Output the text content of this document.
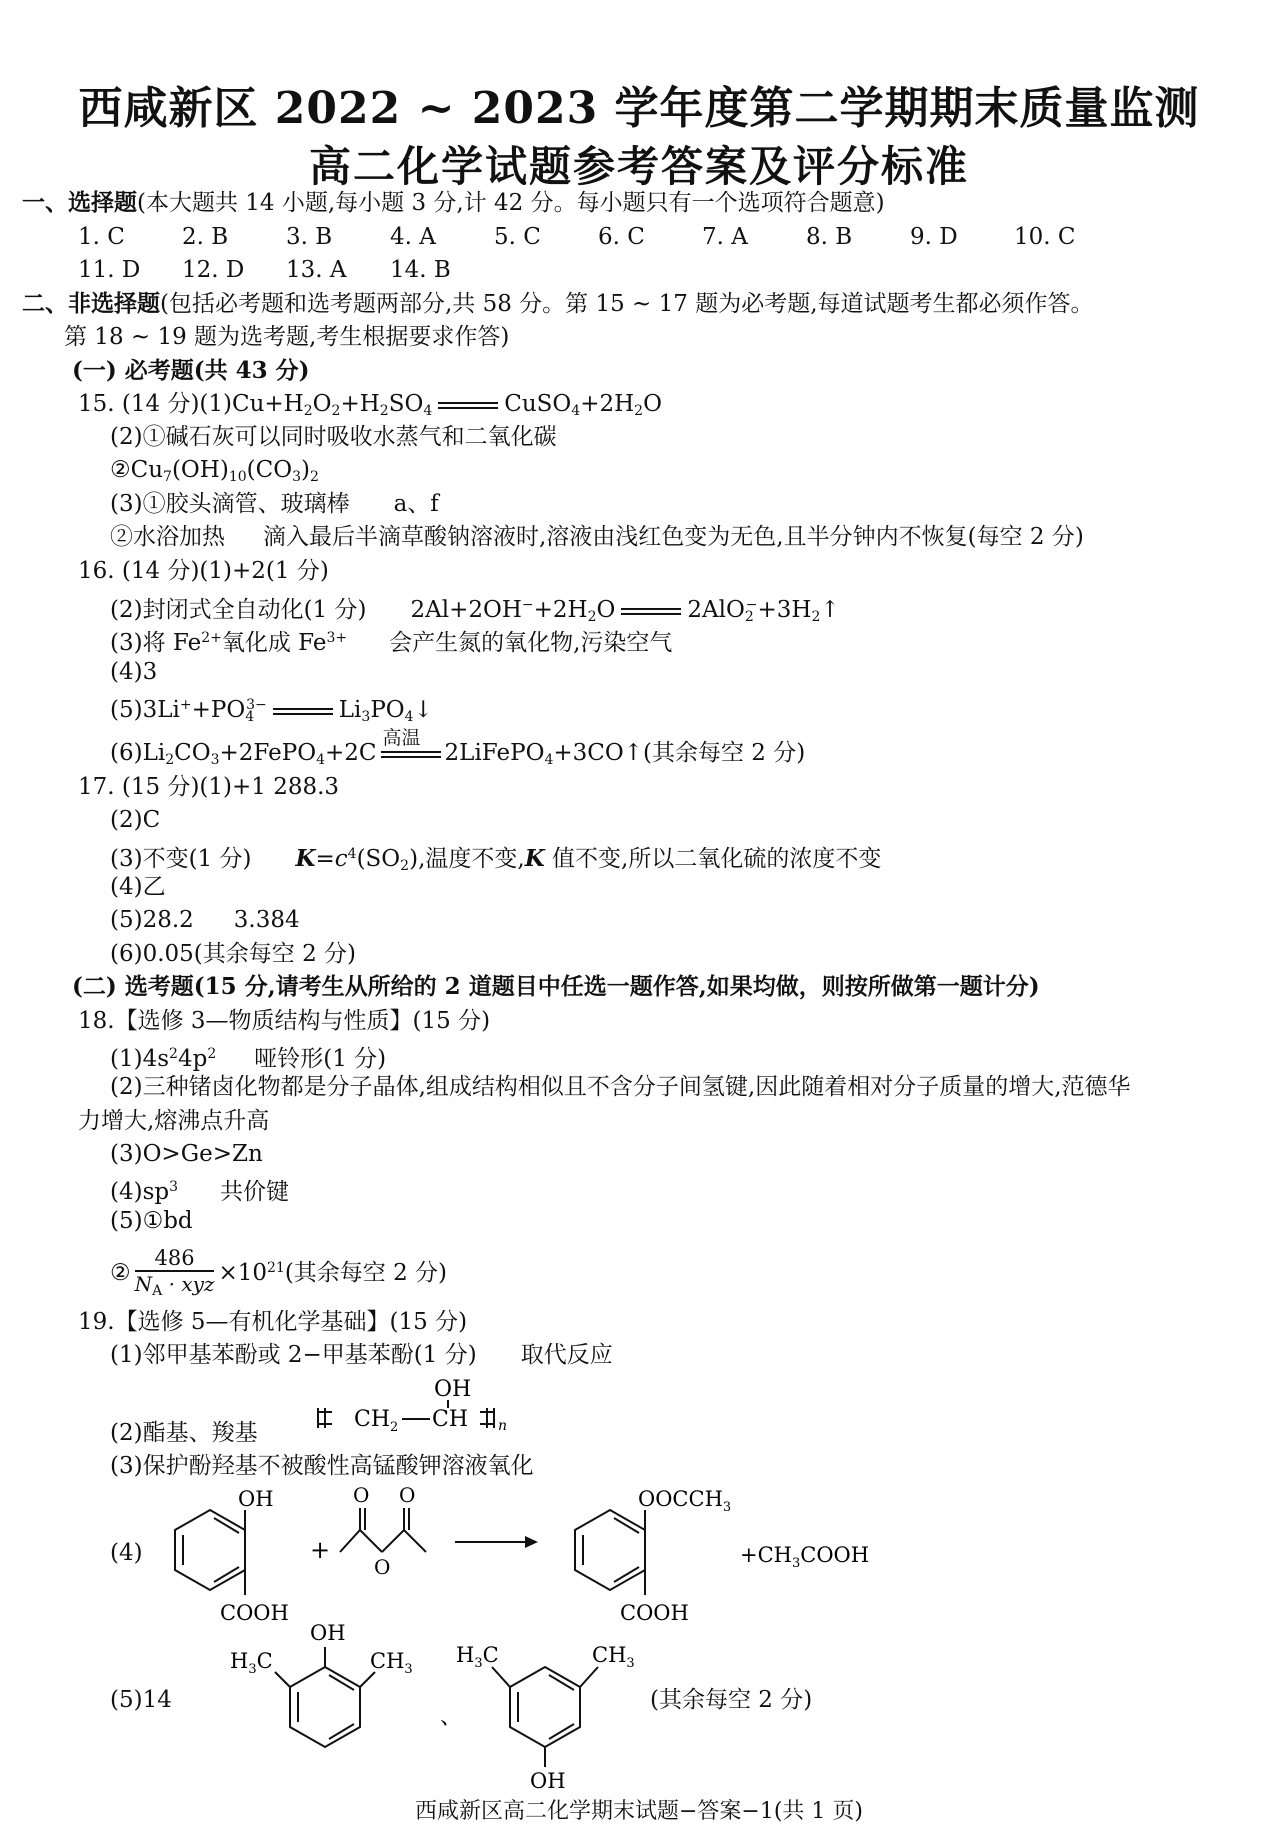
西咸新区 2022 ~ 2023 学年度第二学期期末质量监测
高二化学试题参考答案及评分标准
一、选择题(本大题共 14 小题,每小题 3 分,计 42 分。每小题只有一个选项符合题意)
1. C 2. B	3. B	4. A	5. C 6. C 7. A	8. B	9. D 10. C
11. D 12. D 13. A 14. B
二、非选择题(包括必考题和选考题两部分,共 58 分。第 15 ~ 17 题为必考题,每道试题考生都必须作答。
第 18 ~ 19 题为选考题,考生根据要求作答)
(一) 必考题(共 43 分)
15. (14 分)$(1)Cu+H_2O_2+H_2SO_4$	$CuSO_4+2H_2O$
(2)①碱石灰可以同时吸收水蒸气和二氧化碳
$②Cu_7(OH)_{10}(CO_3)_2$
(3)①胶头滴管、玻璃棒 a、f
②水浴加热 滴入最后半滴草酸钠溶液时,溶液由浅红色变为无色,且半分钟内不恢复(每空 2 分)
16. (14 分)(1)+2(1 分)
(2)封闭式全自动化(1 分) $2Al+2OH^-+2H_2O$	$2AlO_2^-+3H_2↑$
(3)将 $Fe^{2+}$氧化成 $Fe^{3+}$ 会产生氮的氧化物,污染空气
(4)3
$(5)3Li^++PO_4^{3-}$	$Li_3PO_4↓$
$(6)Li_2CO_3+2FePO_4+2C$
高温
2LiFePO$_4$+3CO↑(其余每空 2 分)
17. (15 分)(1)+1 288.3
(2)C
(3)不变(1 分) $K=c^4(SO_2)$,温度不变,K 值不变,所以二氧化硫的浓度不变
(4)乙
(5)28.2 3.384
(6)0.05(其余每空 2 分)
(二) 选考题(15 分,请考生从所给的 2 道题目中任选一题作答,如果均做，则按所做第一题计分)
18.【选修 3—物质结构与性质】(15 分)
$(1)4s^24p^2$ 哑铃形(1 分)
(2)三种锗卤化物都是分子晶体,组成结构相似且不含分子间氢键,因此随着相对分子质量的增大,范德华
力增大,熔沸点升高
(3)O>Ge>Zn
$(4)sp^3$ 共价键
(5)①bd
② $\frac{486}{N_A \cdot xyz} \times 10^{21}$(其余每空 2 分)
19.【选修 5—有机化学基础】(15 分)
(1)邻甲基苯酚或 2−甲基苯酚(1 分) 取代反应
(2)酯基、羧基
(3)保护酚羟基不被酸性高锰酸钾溶液氧化
(4)
(5)14	(其余每空 2 分)
$CH_2$ CH
OH
n
OH
COOH
+
O O
O
$OOCCH_3$
COOH
$+CH_3COOH$
OH
$H_3C$	$CH_3$
、
$H_3C$	$CH_3$
OH
西咸新区高二化学期末试题−答案−1(共 1 页)
